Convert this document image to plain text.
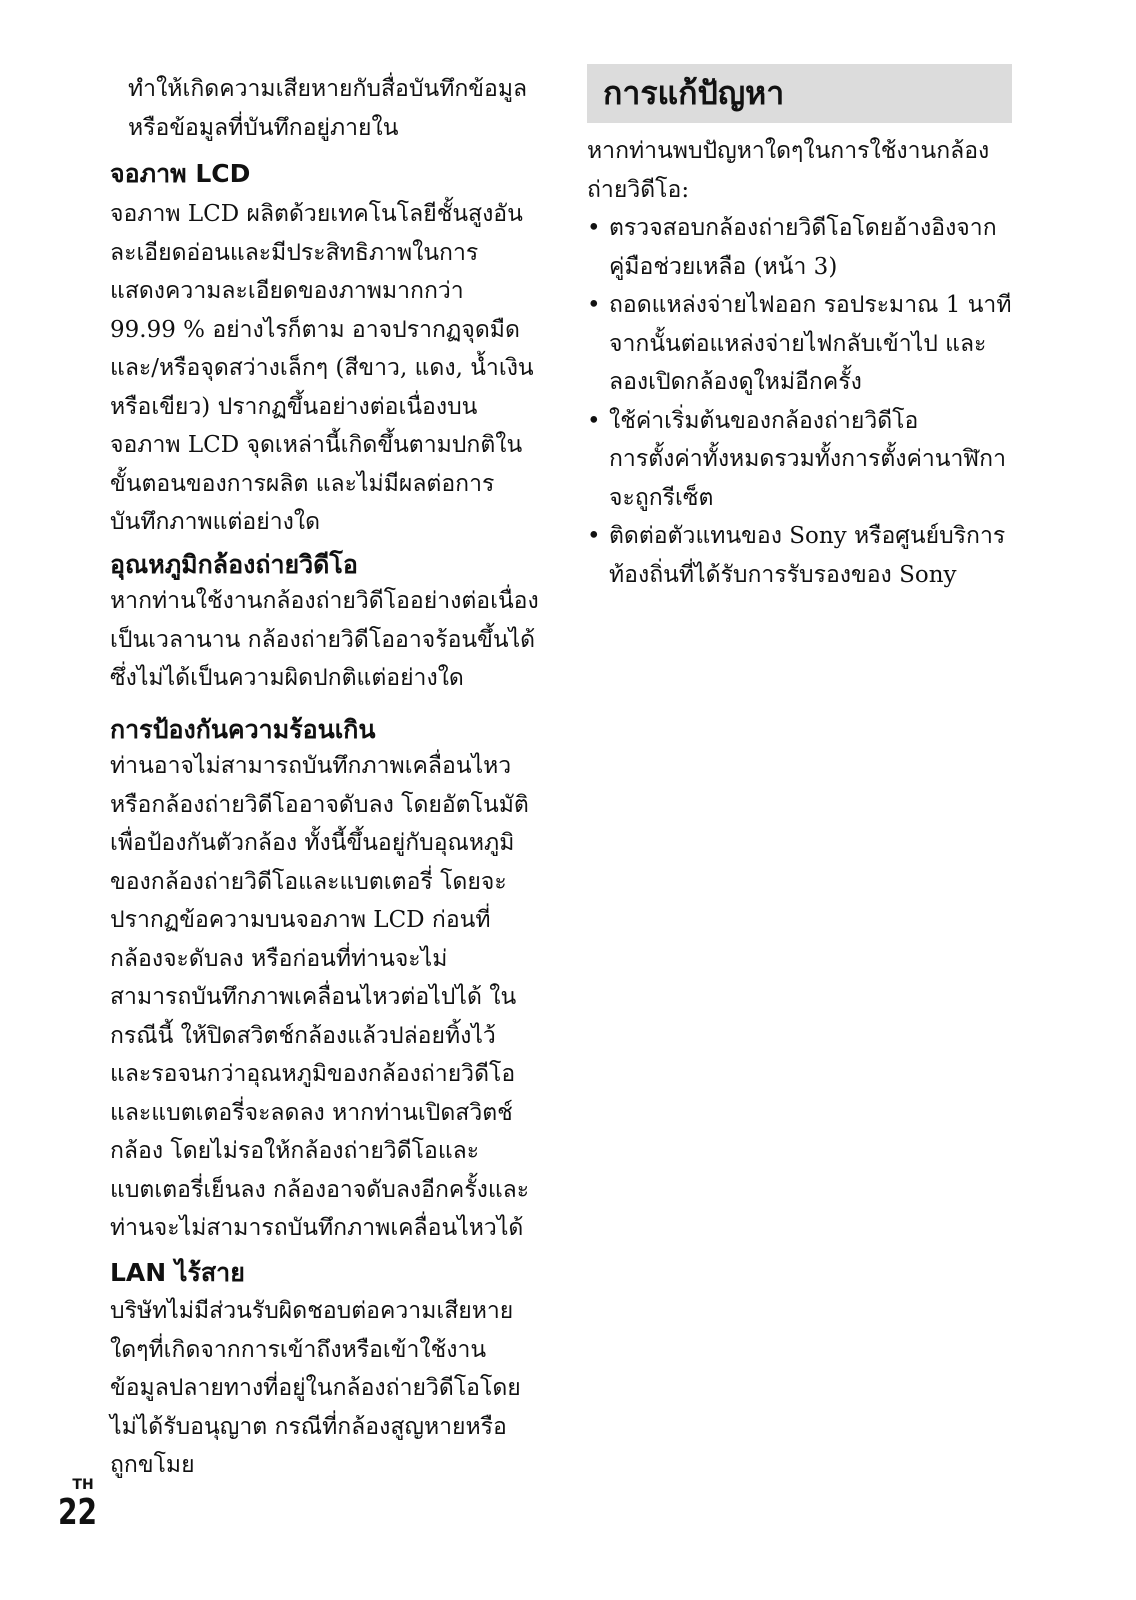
ทำให้เกิดความเสียหายกับสื่อบันทึกข้อมูล
หรือข้อมูลที่บันทึกอยู่ภายใน
จอภาพ LCD
จอภาพ LCD ผลิตด้วยเทคโนโลยีชั้นสูงอัน
ละเอียดอ่อนและมีประสิทธิภาพในการ
แสดงความละเอียดของภาพมากกว่า
99.99 % อย่างไรก็ตาม อาจปรากฏจุดมืด
และ/หรือจุดสว่างเล็กๆ (สีขาว, แดง, น้ำเงิน
หรือเขียว) ปรากฏขึ้นอย่างต่อเนื่องบน
จอภาพ LCD จุดเหล่านี้เกิดขึ้นตามปกติใน
ขั้นตอนของการผลิต และไม่มีผลต่อการ
บันทึกภาพแต่อย่างใด
อุณหภูมิกล้องถ่ายวิดีโอ
หากท่านใช้งานกล้องถ่ายวิดีโออย่างต่อเนื่อง
เป็นเวลานาน กล้องถ่ายวิดีโออาจร้อนขึ้นได้
ซึ่งไม่ได้เป็นความผิดปกติแต่อย่างใด
การป้องกันความร้อนเกิน
ท่านอาจไม่สามารถบันทึกภาพเคลื่อนไหว
หรือกล้องถ่ายวิดีโออาจดับลง โดยอัตโนมัติ
เพื่อป้องกันตัวกล้อง ทั้งนี้ขึ้นอยู่กับอุณหภูมิ
ของกล้องถ่ายวิดีโอและแบตเตอรี่ โดยจะ
ปรากฏข้อความบนจอภาพ LCD ก่อนที่
กล้องจะดับลง หรือก่อนที่ท่านจะไม่
สามารถบันทึกภาพเคลื่อนไหวต่อไปได้ ใน
กรณีนี้ ให้ปิดสวิตช์กล้องแล้วปล่อยทิ้งไว้
และรอจนกว่าอุณหภูมิของกล้องถ่ายวิดีโอ
และแบตเตอรี่จะลดลง หากท่านเปิดสวิตช์
กล้อง โดยไม่รอให้กล้องถ่ายวิดีโอและ
แบตเตอรี่เย็นลง กล้องอาจดับลงอีกครั้งและ
ท่านจะไม่สามารถบันทึกภาพเคลื่อนไหวได้
LAN ไร้สาย
บริษัทไม่มีส่วนรับผิดชอบต่อความเสียหาย
ใดๆที่เกิดจากการเข้าถึงหรือเข้าใช้งาน
ข้อมูลปลายทางที่อยู่ในกล้องถ่ายวิดีโอโดย
ไม่ได้รับอนุญาต กรณีที่กล้องสูญหายหรือ
ถูกขโมย
การแก้ปัญหา
หากท่านพบปัญหาใดๆในการใช้งานกล้อง
ถ่ายวิดีโอ:
• ตรวจสอบกล้องถ่ายวิดีโอโดยอ้างอิงจาก
คู่มือช่วยเหลือ (หน้า 3)
• ถอดแหล่งจ่ายไฟออก รอประมาณ 1 นาที
จากนั้นต่อแหล่งจ่ายไฟกลับเข้าไป และ
ลองเปิดกล้องดูใหม่อีกครั้ง
• ใช้ค่าเริ่มต้นของกล้องถ่ายวิดีโอ
การตั้งค่าทั้งหมดรวมทั้งการตั้งค่านาฬิกา
จะถูกรีเซ็ต
• ติดต่อตัวแทนของ Sony หรือศูนย์บริการ
ท้องถิ่นที่ได้รับการรับรองของ Sony
TH
22
